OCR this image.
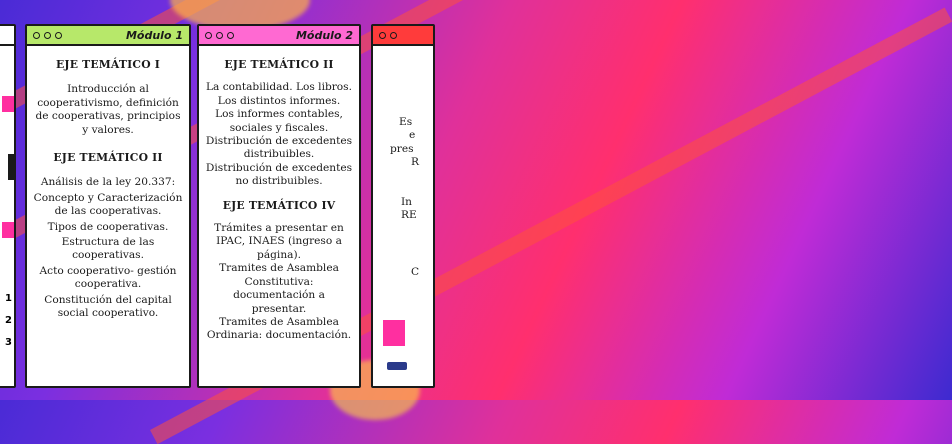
1
2
3
Módulo 1
EJE TEMÁTICO I
Introducción al cooperativismo, definición de cooperativas, principios y valores.
EJE TEMÁTICO II
Análisis de la ley 20.337:
Concepto y Caracterización de las cooperativas.
Tipos de cooperativas.
Estructura de las cooperativas.
Acto cooperativo- gestión cooperativa.
Constitución del capital social cooperativo.
Módulo 2
EJE TEMÁTICO II
La contabilidad. Los libros.
Los distintos informes.
Los informes contables, sociales y fiscales.
Distribución de excedentes distribuibles.
Distribución de excedentes no distribuibles.
EJE TEMÁTICO IV
Trámites a presentar en IPAC, INAES (ingreso a página).
Tramites de Asamblea Constitutiva: documentación a presentar.
Tramites de Asamblea Ordinaria: documentación.
Es
e
pres
R
In
RE
C
